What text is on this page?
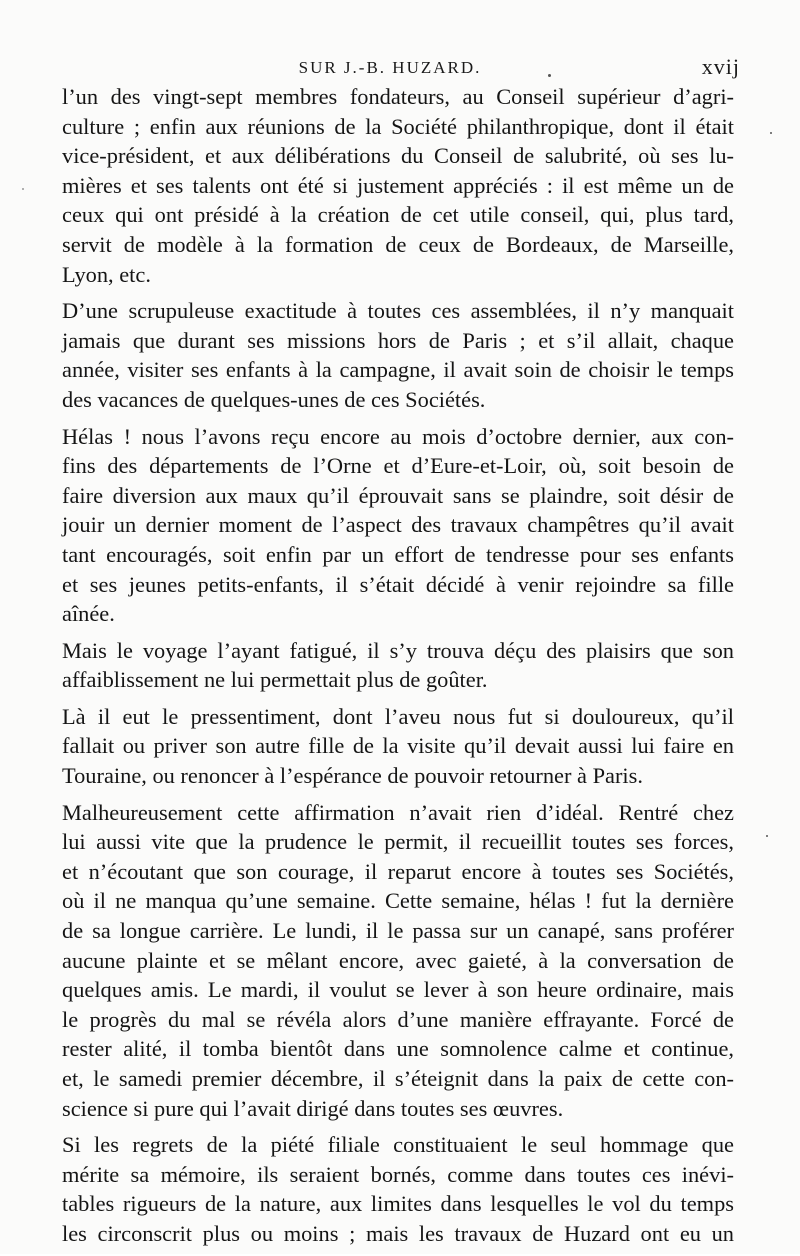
SUR J.-B. HUZARD.	xvij
l’un des vingt-sept membres fondateurs, au Conseil supérieur d’agri-
culture ; enfin aux réunions de la Société philanthropique, dont il était
vice-président, et aux délibérations du Conseil de salubrité, où ses lu-
mières et ses talents ont été si justement appréciés : il est même un de
ceux qui ont présidé à la création de cet utile conseil, qui, plus tard,
servit de modèle à la formation de ceux de Bordeaux, de Marseille,
Lyon, etc.
D’une scrupuleuse exactitude à toutes ces assemblées, il n’y manquait
jamais que durant ses missions hors de Paris ; et s’il allait, chaque
année, visiter ses enfants à la campagne, il avait soin de choisir le temps
des vacances de quelques-unes de ces Sociétés.
Hélas ! nous l’avons reçu encore au mois d’octobre dernier, aux con-
fins des départements de l’Orne et d’Eure-et-Loir, où, soit besoin de
faire diversion aux maux qu’il éprouvait sans se plaindre, soit désir de
jouir un dernier moment de l’aspect des travaux champêtres qu’il avait
tant encouragés, soit enfin par un effort de tendresse pour ses enfants
et ses jeunes petits-enfants, il s’était décidé à venir rejoindre sa fille
aînée.
Mais le voyage l’ayant fatigué, il s’y trouva déçu des plaisirs que son
affaiblissement ne lui permettait plus de goûter.
Là il eut le pressentiment, dont l’aveu nous fut si douloureux, qu’il
fallait ou priver son autre fille de la visite qu’il devait aussi lui faire en
Touraine, ou renoncer à l’espérance de pouvoir retourner à Paris.
Malheureusement cette affirmation n’avait rien d’idéal. Rentré chez
lui aussi vite que la prudence le permit, il recueillit toutes ses forces,
et n’écoutant que son courage, il reparut encore à toutes ses Sociétés,
où il ne manqua qu’une semaine. Cette semaine, hélas ! fut la dernière
de sa longue carrière. Le lundi, il le passa sur un canapé, sans proférer
aucune plainte et se mêlant encore, avec gaieté, à la conversation de
quelques amis. Le mardi, il voulut se lever à son heure ordinaire, mais
le progrès du mal se révéla alors d’une manière effrayante. Forcé de
rester alité, il tomba bientôt dans une somnolence calme et continue,
et, le samedi premier décembre, il s’éteignit dans la paix de cette con-
science si pure qui l’avait dirigé dans toutes ses œuvres.
Si les regrets de la piété filiale constituaient le seul hommage que
mérite sa mémoire, ils seraient bornés, comme dans toutes ces inévi-
tables rigueurs de la nature, aux limites dans lesquelles le vol du temps
les circonscrit plus ou moins ; mais les travaux de Huzard ont eu un
